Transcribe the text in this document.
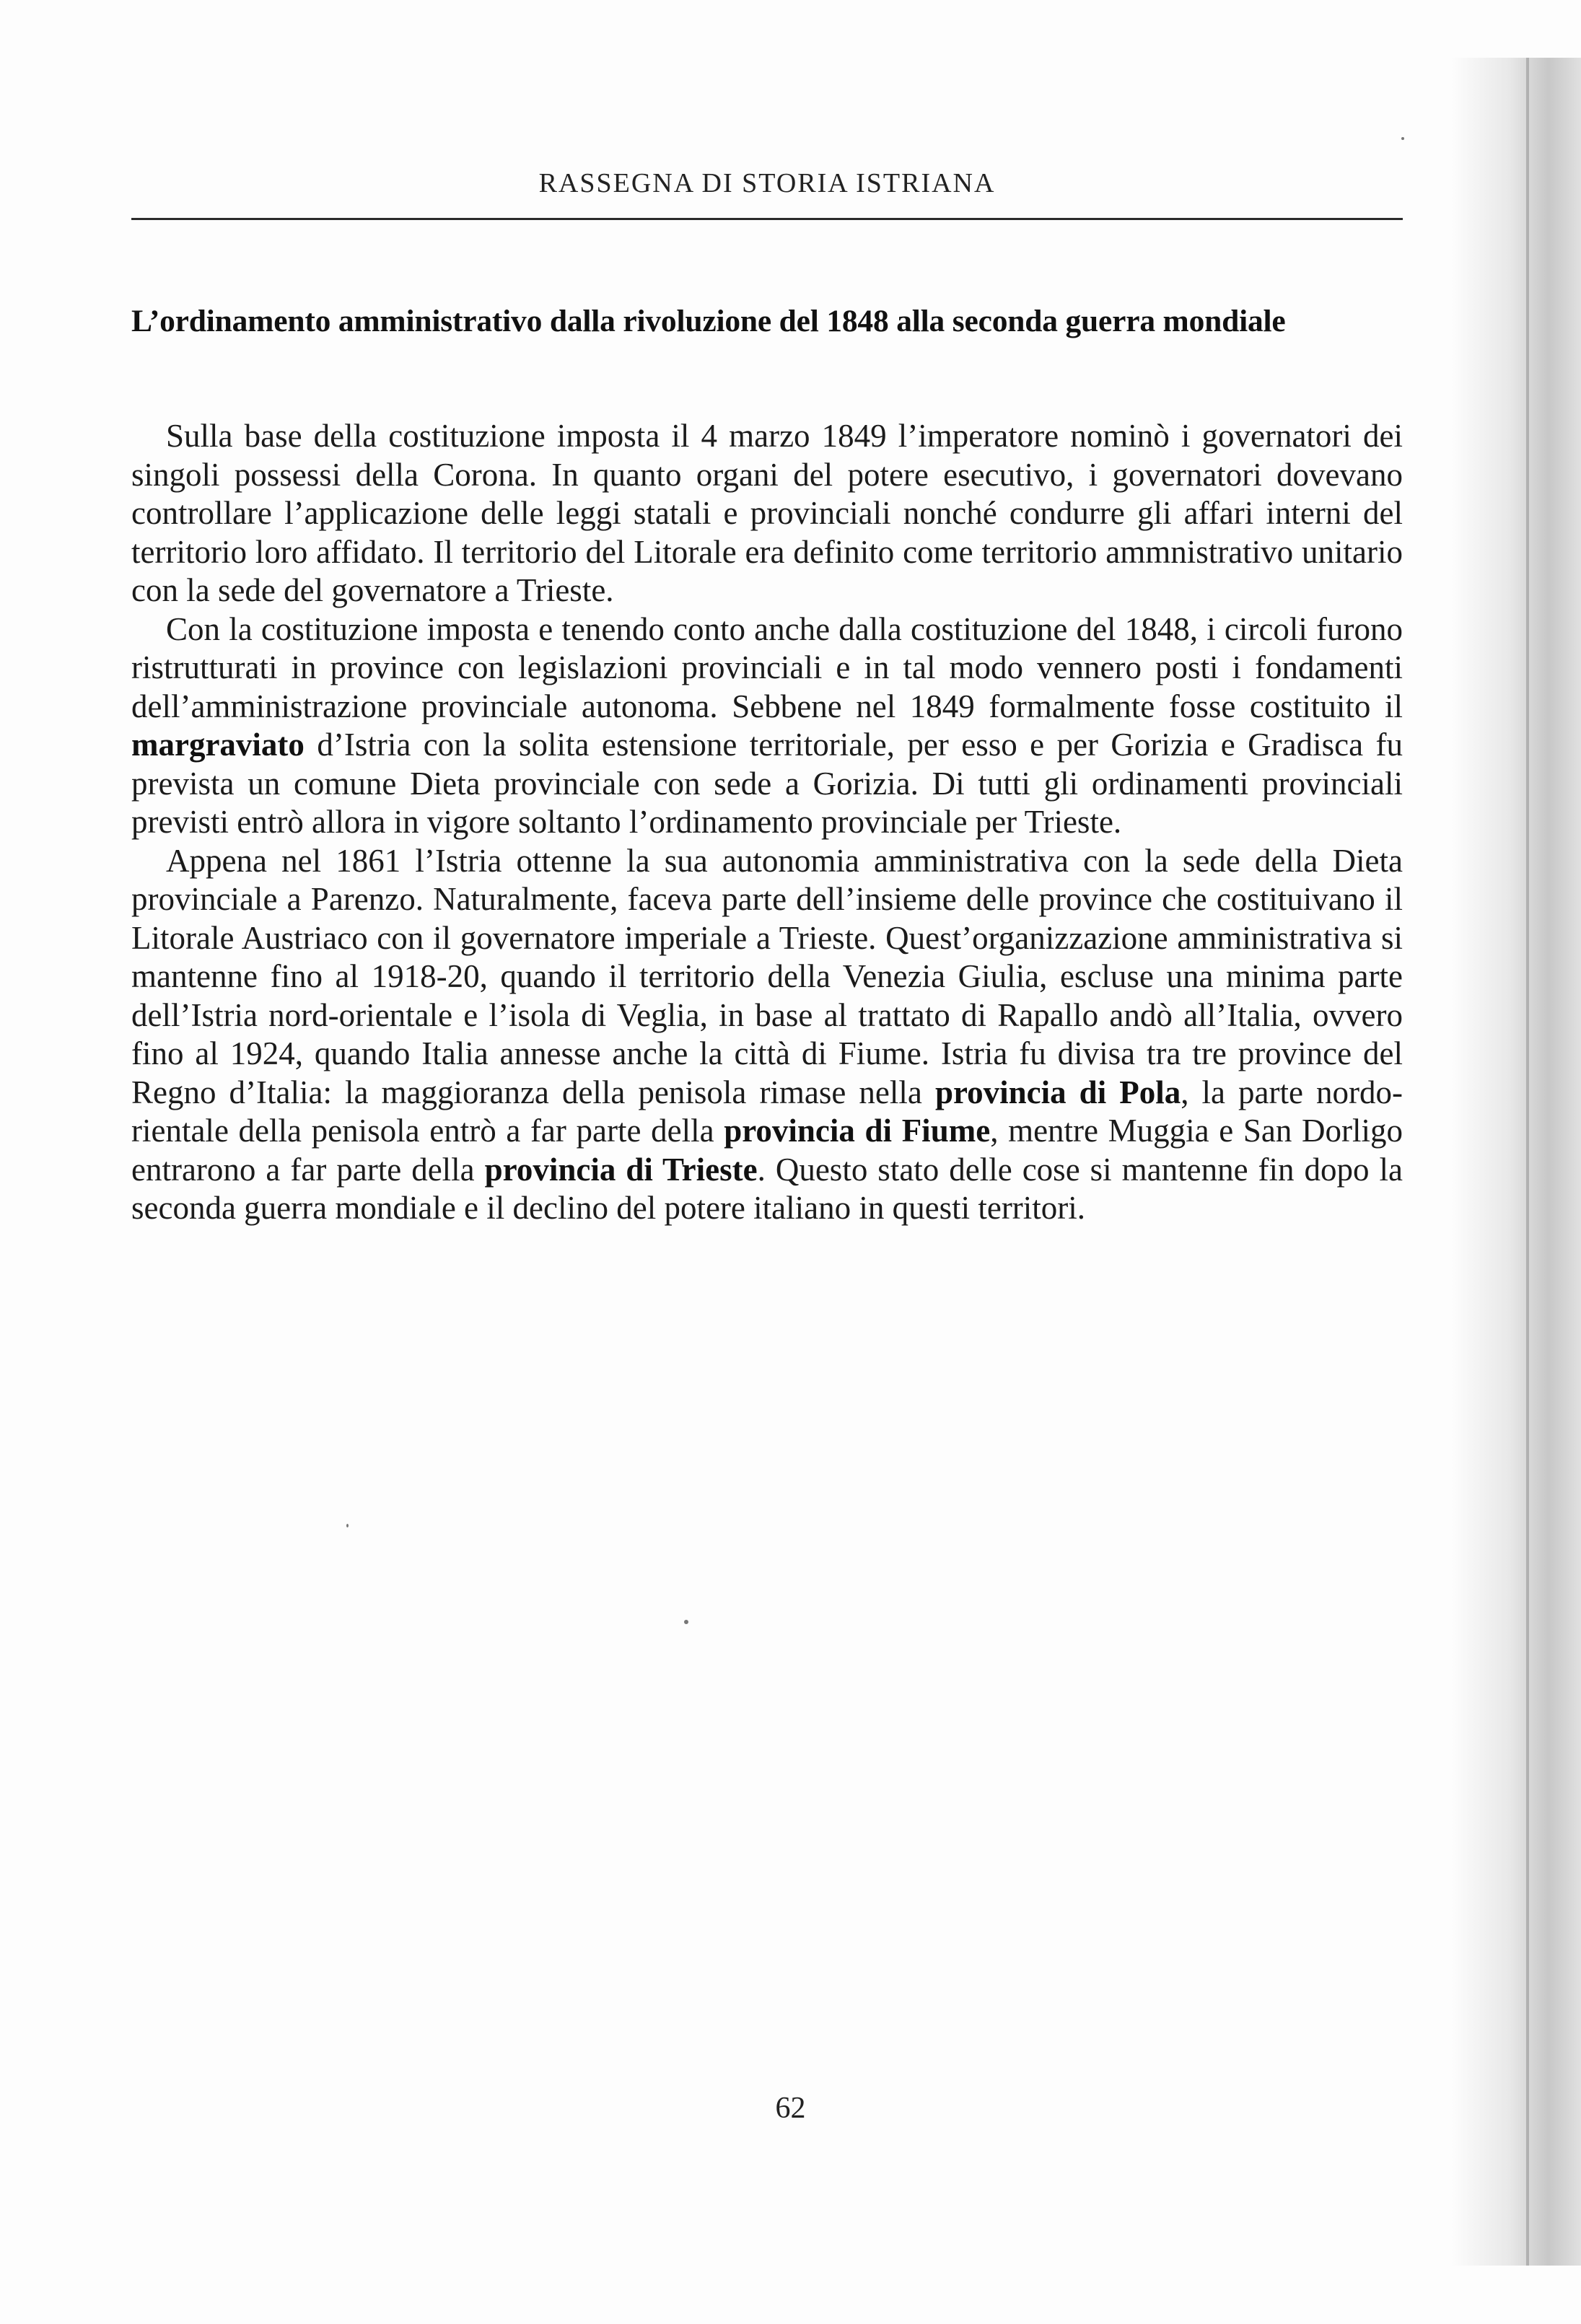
RASSEGNA DI STORIA ISTRIANA
L’ordinamento amministrativo dalla rivoluzione del 1848 alla seconda guerra mondiale

Sulla base della costituzione imposta il 4 marzo 1849 l’imperatore nominò i governatori dei singoli possessi della Corona. In quanto organi del potere esecutivo, i governatori dovevano controllare l’applicazione delle leggi statali e provinciali nonché condurre gli affari interni del territorio loro affidato. Il territorio del Litorale era definito come territorio ammnistrativo unitario con la sede del governatore a Trieste.

Con la costituzione imposta e tenendo conto anche dalla costituzione del 1848, i circoli furono ristrutturati in province con legislazioni provinciali e in tal modo vennero posti i fondamenti dell’amministrazione provinciale autonoma. Sebbene nel 1849 formalmente fosse costituito il margraviato d’Istria con la solita estensione territoriale, per esso e per Gorizia e Gradisca fu prevista un comune Dieta provinciale con sede a Gorizia. Di tutti gli ordinamenti provinciali previsti entrò allora in vigore soltanto l’ordinamento provinciale per Trieste.

Appena nel 1861 l’Istria ottenne la sua autonomia amministrativa con la sede della Dieta provinciale a Parenzo. Naturalmente, faceva parte dell’insieme delle province che costituivano il Litorale Austriaco con il governatore imperiale a Trieste. Quest’organizzazione amministrativa si mantenne fino al 1918-20, quando il territorio della Venezia Giulia, escluse una minima parte dell’Istria nord-orientale e l’isola di Veglia, in base al trattato di Rapallo andò all’Italia, ovvero fino al 1924, quando Italia annesse anche la città di Fiume. Istria fu divisa tra tre province del Regno d’Italia: la maggioranza della penisola rimase nella provincia di Pola, la parte nordo-rientale della penisola entrò a far parte della provincia di Fiume, mentre Muggia e San Dorligo entrarono a far parte della provincia di Trieste. Questo stato delle cose si mantenne fin dopo la seconda guerra mondiale e il declino del potere italiano in questi territori.

62
